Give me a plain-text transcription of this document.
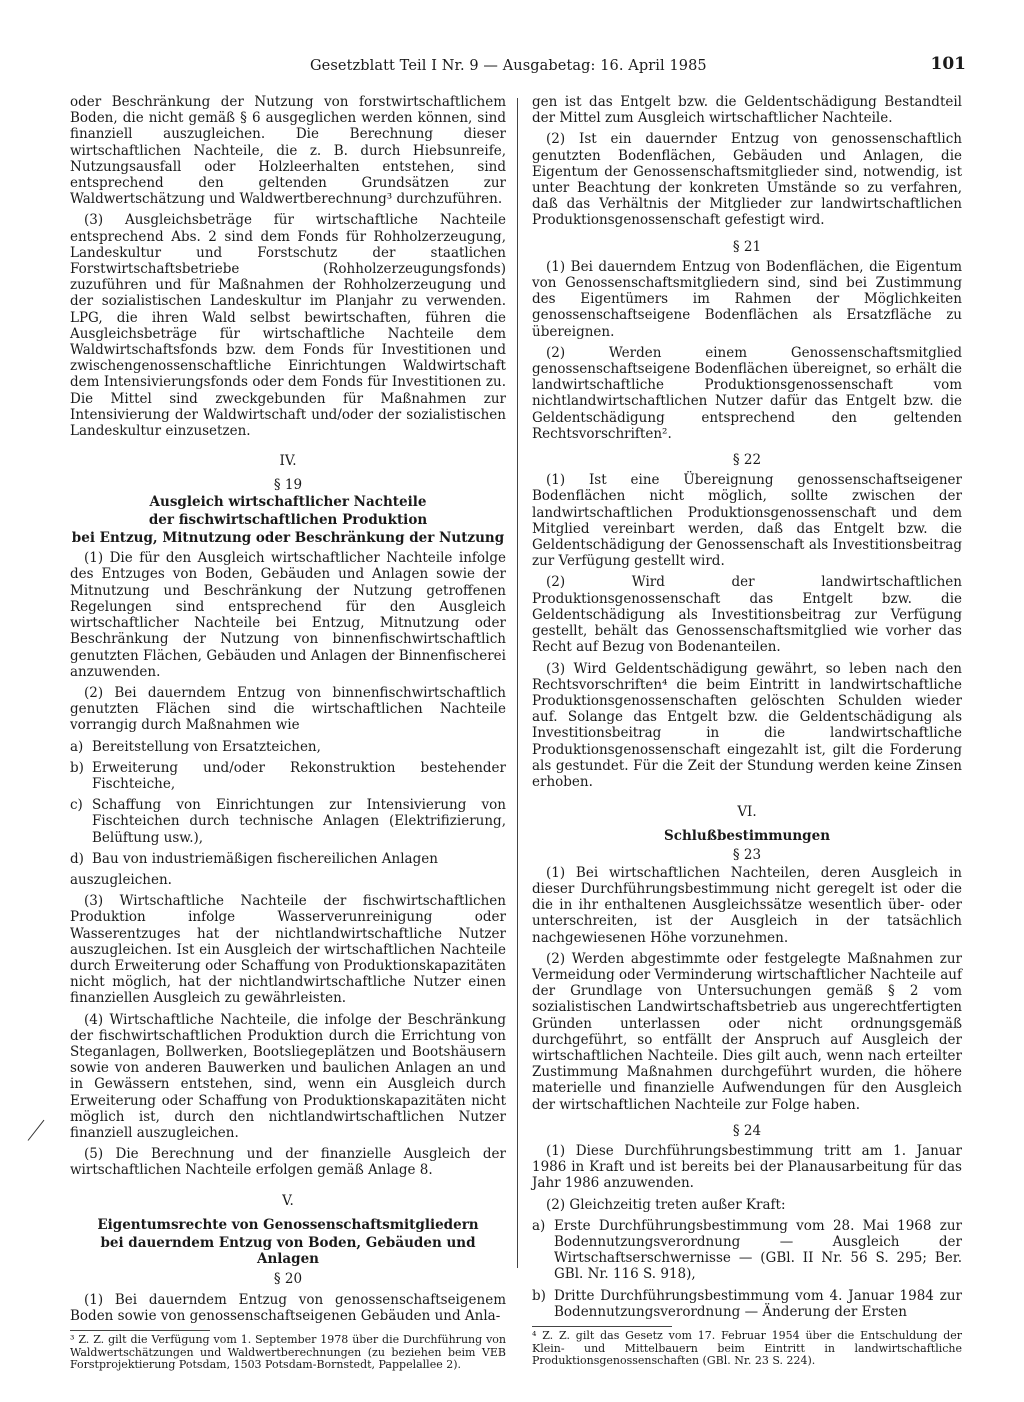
Gesetzblatt Teil I Nr. 9 — Ausgabetag: 16. April 1985	101

oder Beschränkung der Nutzung von forstwirtschaftlichem Boden, die nicht gemäß § 6 ausgeglichen werden können, sind finanziell auszugleichen. Die Berechnung dieser wirtschaftlichen Nachteile, die z. B. durch Hiebsunreife, Nutzungsausfall oder Holzleerhalten entstehen, sind entsprechend den geltenden Grundsätzen zur Waldwertschätzung und Waldwertberechnung³ durchzuführen.

(3) Ausgleichsbeträge für wirtschaftliche Nachteile entsprechend Abs. 2 sind dem Fonds für Rohholzerzeugung, Landeskultur und Forstschutz der staatlichen Forstwirtschaftsbetriebe (Rohholzerzeugungsfonds) zuzuführen und für Maßnahmen der Rohholzerzeugung und der sozialistischen Landeskultur im Planjahr zu verwenden. LPG, die ihren Wald selbst bewirtschaften, führen die Ausgleichsbeträge für wirtschaftliche Nachteile dem Waldwirtschaftsfonds bzw. dem Fonds für Investitionen und zwischengenossenschaftliche Einrichtungen Waldwirtschaft dem Intensivierungsfonds oder dem Fonds für Investitionen zu. Die Mittel sind zweckgebunden für Maßnahmen zur Intensivierung der Waldwirtschaft und/oder der sozialistischen Landeskultur einzusetzen.

IV.
§ 19
Ausgleich wirtschaftlicher Nachteile
der fischwirtschaftlichen Produktion
bei Entzug, Mitnutzung oder Beschränkung der Nutzung

(1) Die für den Ausgleich wirtschaftlicher Nachteile infolge des Entzuges von Boden, Gebäuden und Anlagen sowie der Mitnutzung und Beschränkung der Nutzung getroffenen Regelungen sind entsprechend für den Ausgleich wirtschaftlicher Nachteile bei Entzug, Mitnutzung oder Beschränkung der Nutzung von binnenfischwirtschaftlich genutzten Flächen, Gebäuden und Anlagen der Binnenfischerei anzuwenden.

(2) Bei dauerndem Entzug von binnenfischwirtschaftlich genutzten Flächen sind die wirtschaftlichen Nachteile vorrangig durch Maßnahmen wie

a) Bereitstellung von Ersatzteichen,
b) Erweiterung und/oder Rekonstruktion bestehender Fischteiche,
c) Schaffung von Einrichtungen zur Intensivierung von Fischteichen durch technische Anlagen (Elektrifizierung, Belüftung usw.),
d) Bau von industriemäßigen fischereilichen Anlagen

auszugleichen.

(3) Wirtschaftliche Nachteile der fischwirtschaftlichen Produktion infolge Wasserverunreinigung oder Wasserentzuges hat der nichtlandwirtschaftliche Nutzer auszugleichen. Ist ein Ausgleich der wirtschaftlichen Nachteile durch Erweiterung oder Schaffung von Produktionskapazitäten nicht möglich, hat der nichtlandwirtschaftliche Nutzer einen finanziellen Ausgleich zu gewährleisten.

(4) Wirtschaftliche Nachteile, die infolge der Beschränkung der fischwirtschaftlichen Produktion durch die Errichtung von Steganlagen, Bollwerken, Bootsliegeplätzen und Bootshäusern sowie von anderen Bauwerken und baulichen Anlagen an und in Gewässern entstehen, sind, wenn ein Ausgleich durch Erweiterung oder Schaffung von Produktionskapazitäten nicht möglich ist, durch den nichtlandwirtschaftlichen Nutzer finanziell auszugleichen.

(5) Die Berechnung und der finanzielle Ausgleich der wirtschaftlichen Nachteile erfolgen gemäß Anlage 8.

V.
Eigentumsrechte von Genossenschaftsmitgliedern
bei dauerndem Entzug von Boden, Gebäuden und Anlagen
§ 20

(1) Bei dauerndem Entzug von genossenschaftseigenem Boden sowie von genossenschaftseigenen Gebäuden und Anla-

³ Z. Z. gilt die Verfügung vom 1. September 1978 über die Durchführung von Waldwertschätzungen und Waldwertberechnungen (zu beziehen beim VEB Forstprojektierung Potsdam, 1503 Potsdam-Bornstedt, Pappelallee 2).

gen ist das Entgelt bzw. die Geldentschädigung Bestandteil der Mittel zum Ausgleich wirtschaftlicher Nachteile.

(2) Ist ein dauernder Entzug von genossenschaftlich genutzten Bodenflächen, Gebäuden und Anlagen, die Eigentum der Genossenschaftsmitglieder sind, notwendig, ist unter Beachtung der konkreten Umstände so zu verfahren, daß das Verhältnis der Mitglieder zur landwirtschaftlichen Produktionsgenossenschaft gefestigt wird.

§ 21

(1) Bei dauerndem Entzug von Bodenflächen, die Eigentum von Genossenschaftsmitgliedern sind, sind bei Zustimmung des Eigentümers im Rahmen der Möglichkeiten genossenschaftseigene Bodenflächen als Ersatzfläche zu übereignen.

(2) Werden einem Genossenschaftsmitglied genossenschaftseigene Bodenflächen übereignet, so erhält die landwirtschaftliche Produktionsgenossenschaft vom nichtlandwirtschaftlichen Nutzer dafür das Entgelt bzw. die Geldentschädigung entsprechend den geltenden Rechtsvorschriften².

§ 22

(1) Ist eine Übereignung genossenschaftseigener Bodenflächen nicht möglich, sollte zwischen der landwirtschaftlichen Produktionsgenossenschaft und dem Mitglied vereinbart werden, daß das Entgelt bzw. die Geldentschädigung der Genossenschaft als Investitionsbeitrag zur Verfügung gestellt wird.

(2) Wird der landwirtschaftlichen Produktionsgenossenschaft das Entgelt bzw. die Geldentschädigung als Investitionsbeitrag zur Verfügung gestellt, behält das Genossenschaftsmitglied wie vorher das Recht auf Bezug von Bodenanteilen.

(3) Wird Geldentschädigung gewährt, so leben nach den Rechtsvorschriften⁴ die beim Eintritt in landwirtschaftliche Produktionsgenossenschaften gelöschten Schulden wieder auf. Solange das Entgelt bzw. die Geldentschädigung als Investitionsbeitrag in die landwirtschaftliche Produktionsgenossenschaft eingezahlt ist, gilt die Forderung als gestundet. Für die Zeit der Stundung werden keine Zinsen erhoben.

VI.
Schlußbestimmungen
§ 23

(1) Bei wirtschaftlichen Nachteilen, deren Ausgleich in dieser Durchführungsbestimmung nicht geregelt ist oder die die in ihr enthaltenen Ausgleichssätze wesentlich über- oder unterschreiten, ist der Ausgleich in der tatsächlich nachgewiesenen Höhe vorzunehmen.

(2) Werden abgestimmte oder festgelegte Maßnahmen zur Vermeidung oder Verminderung wirtschaftlicher Nachteile auf der Grundlage von Untersuchungen gemäß § 2 vom sozialistischen Landwirtschaftsbetrieb aus ungerechtfertigten Gründen unterlassen oder nicht ordnungsgemäß durchgeführt, so entfällt der Anspruch auf Ausgleich der wirtschaftlichen Nachteile. Dies gilt auch, wenn nach erteilter Zustimmung Maßnahmen durchgeführt wurden, die höhere materielle und finanzielle Aufwendungen für den Ausgleich der wirtschaftlichen Nachteile zur Folge haben.

§ 24

(1) Diese Durchführungsbestimmung tritt am 1. Januar 1986 in Kraft und ist bereits bei der Planausarbeitung für das Jahr 1986 anzuwenden.

(2) Gleichzeitig treten außer Kraft:

a) Erste Durchführungsbestimmung vom 28. Mai 1968 zur Bodennutzungsverordnung — Ausgleich der Wirtschaftserschwernisse — (GBl. II Nr. 56 S. 295; Ber. GBl. Nr. 116 S. 918),
b) Dritte Durchführungsbestimmung vom 4. Januar 1984 zur Bodennutzungsverordnung — Änderung der Ersten
⁴ Z. Z. gilt das Gesetz vom 17. Februar 1954 über die Entschuldung der Klein- und Mittelbauern beim Eintritt in landwirtschaftliche Produktionsgenossenschaften (GBl. Nr. 23 S. 224).
